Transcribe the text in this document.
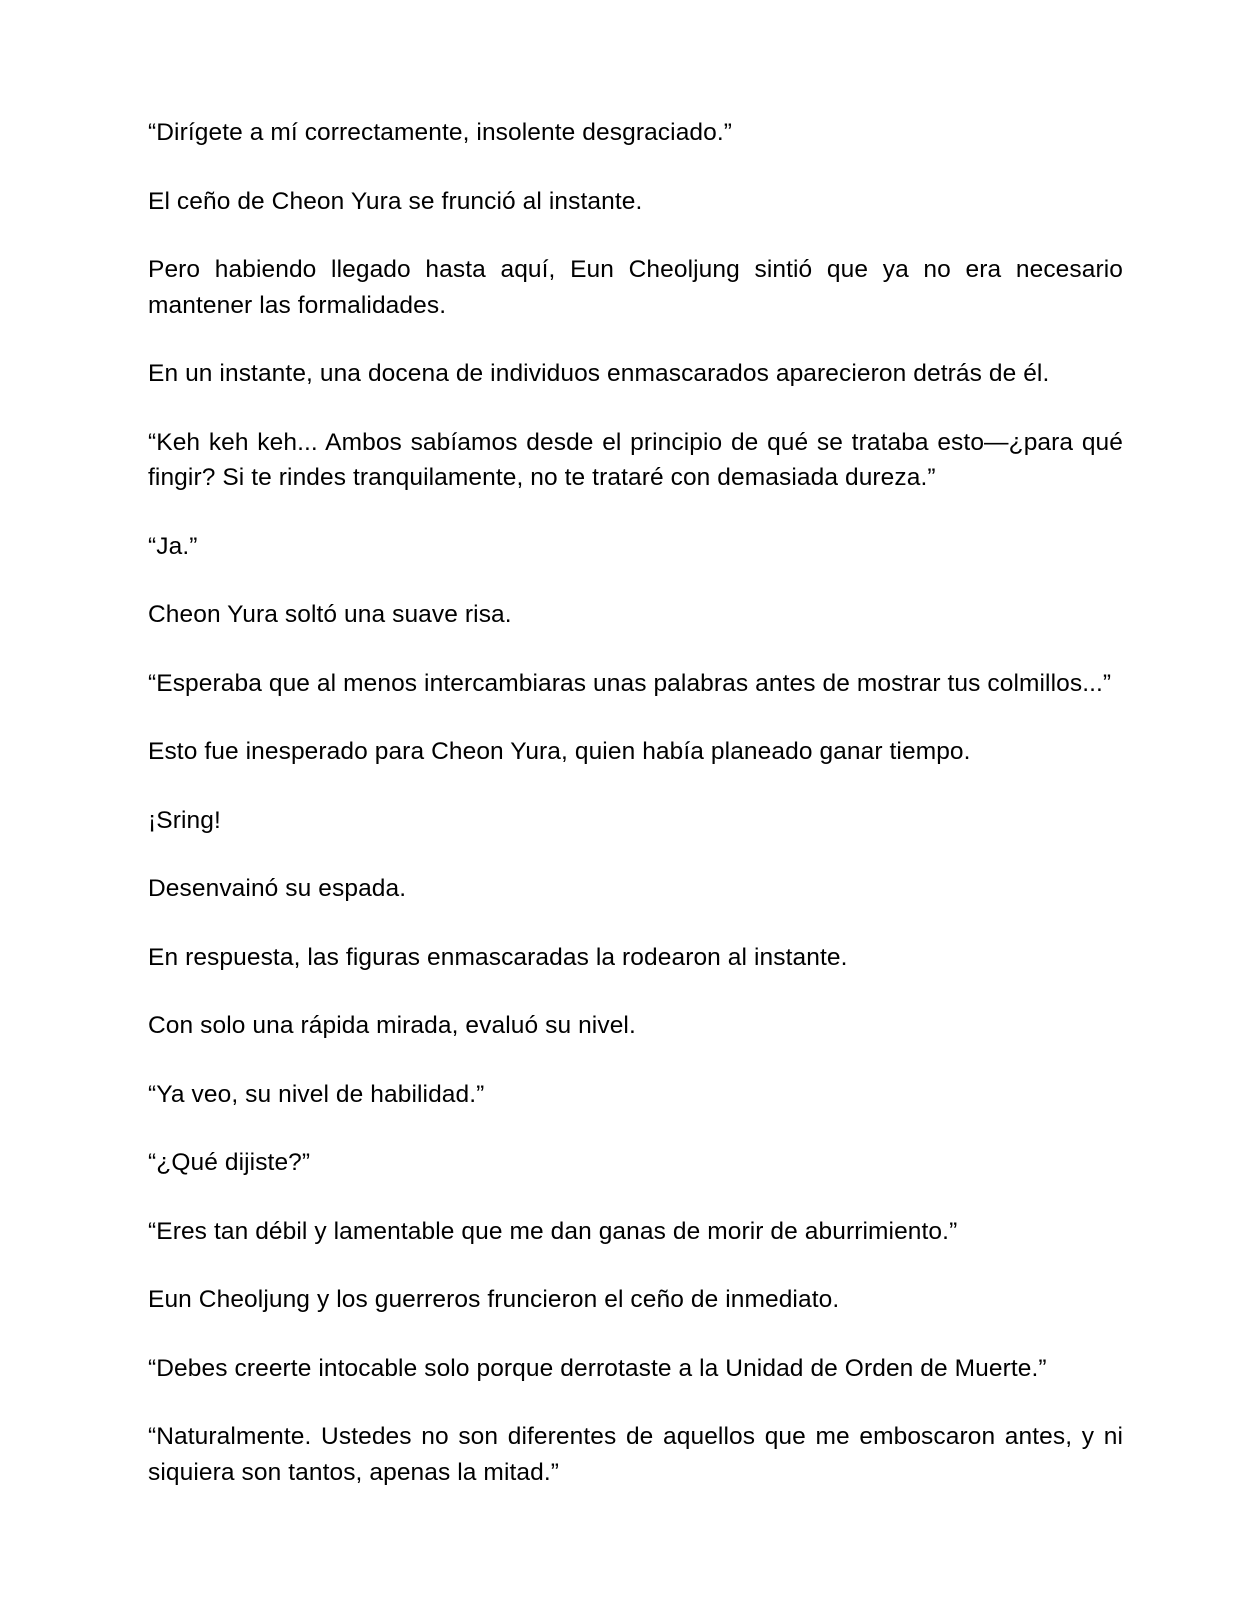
“Dirígete a mí correctamente, insolente desgraciado.”

El ceño de Cheon Yura se frunció al instante.

Pero habiendo llegado hasta aquí, Eun Cheoljung sintió que ya no era necesario mantener las formalidades.

En un instante, una docena de individuos enmascarados aparecieron detrás de él.

“Keh keh keh... Ambos sabíamos desde el principio de qué se trataba esto—¿para qué fingir? Si te rindes tranquilamente, no te trataré con demasiada dureza.”

“Ja.”

Cheon Yura soltó una suave risa.

“Esperaba que al menos intercambiaras unas palabras antes de mostrar tus colmillos...”

Esto fue inesperado para Cheon Yura, quien había planeado ganar tiempo.

¡Sring!

Desenvainó su espada.

En respuesta, las figuras enmascaradas la rodearon al instante.

Con solo una rápida mirada, evaluó su nivel.

“Ya veo, su nivel de habilidad.”

“¿Qué dijiste?”

“Eres tan débil y lamentable que me dan ganas de morir de aburrimiento.”

Eun Cheoljung y los guerreros fruncieron el ceño de inmediato.

“Debes creerte intocable solo porque derrotaste a la Unidad de Orden de Muerte.”

“Naturalmente. Ustedes no son diferentes de aquellos que me emboscaron antes, y ni siquiera son tantos, apenas la mitad.”
